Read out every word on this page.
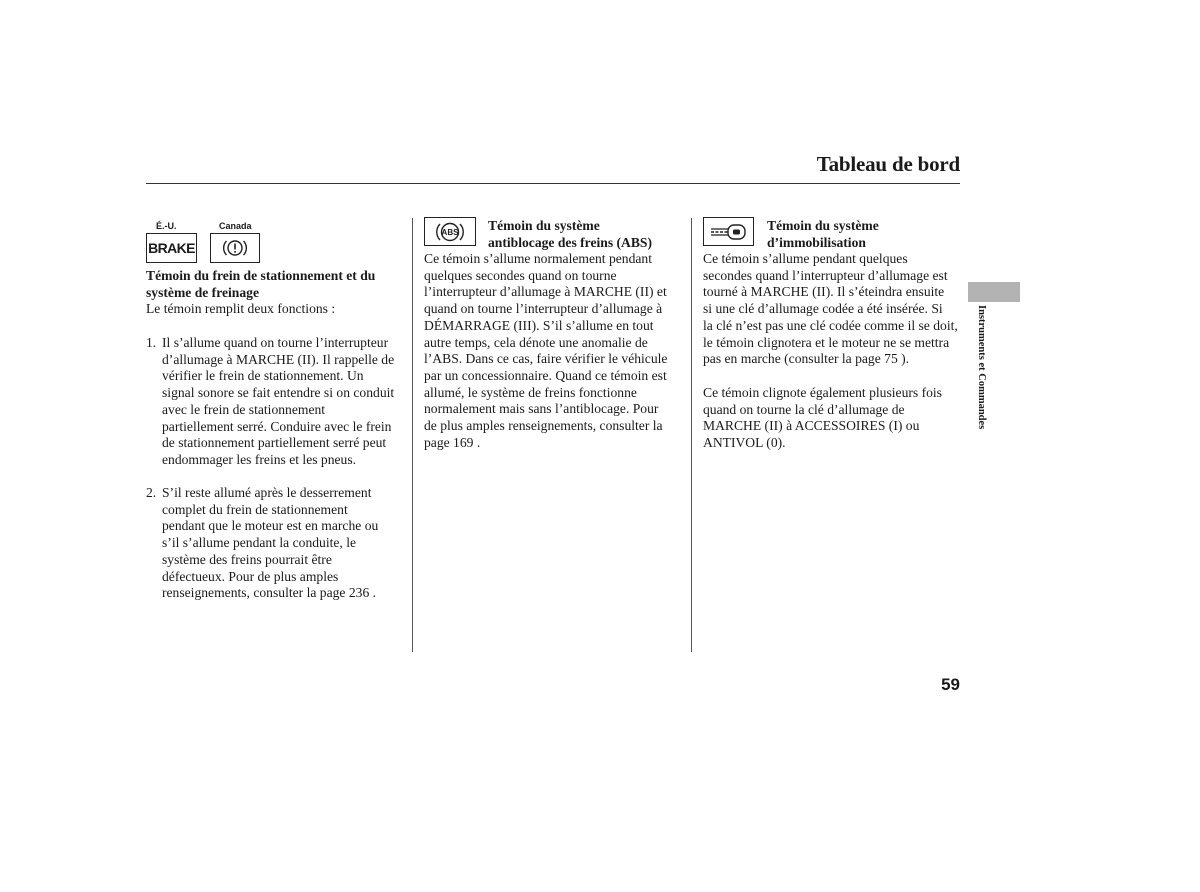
Tableau de bord
É.-U.	Canada
BRAKE
Témoin du frein de stationnement et du
système de freinage
Le témoin remplit deux fonctions :
1. Il s’allume quand on tourne l’interrupteur
d’allumage à MARCHE (II). Il rappelle de
vérifier le frein de stationnement. Un
signal sonore se fait entendre si on conduit
avec le frein de stationnement
partiellement serré. Conduire avec le frein
de stationnement partiellement serré peut
endommager les freins et les pneus.
2. S’il reste allumé après le desserrement
complet du frein de stationnement
pendant que le moteur est en marche ou
s’il s’allume pendant la conduite, le
système des freins pourrait être
défectueux. Pour de plus amples
renseignements, consulter la page 236 .
ABS Témoin du système
antiblocage des freins (ABS)
Ce témoin s’allume normalement pendant
quelques secondes quand on tourne
l’interrupteur d’allumage à MARCHE (II) et
quand on tourne l’interrupteur d’allumage à
DÉMARRAGE (III). S’il s’allume en tout
autre temps, cela dénote une anomalie de
l’ABS. Dans ce cas, faire vérifier le véhicule
par un concessionnaire. Quand ce témoin est
allumé, le système de freins fonctionne
normalement mais sans l’antiblocage. Pour
de plus amples renseignements, consulter la
page 169 .
Témoin du système
d’immobilisation
Ce témoin s’allume pendant quelques
secondes quand l’interrupteur d’allumage est
tourné à MARCHE (II). Il s’éteindra ensuite
si une clé d’allumage codée a été insérée. Si
la clé n’est pas une clé codée comme il se doit,
le témoin clignotera et le moteur ne se mettra
pas en marche (consulter la page 75 ).
Ce témoin clignote également plusieurs fois
quand on tourne la clé d’allumage de
MARCHE (II) à ACCESSOIRES (I) ou
ANTIVOL (0).
Instruments et Commandes
59
